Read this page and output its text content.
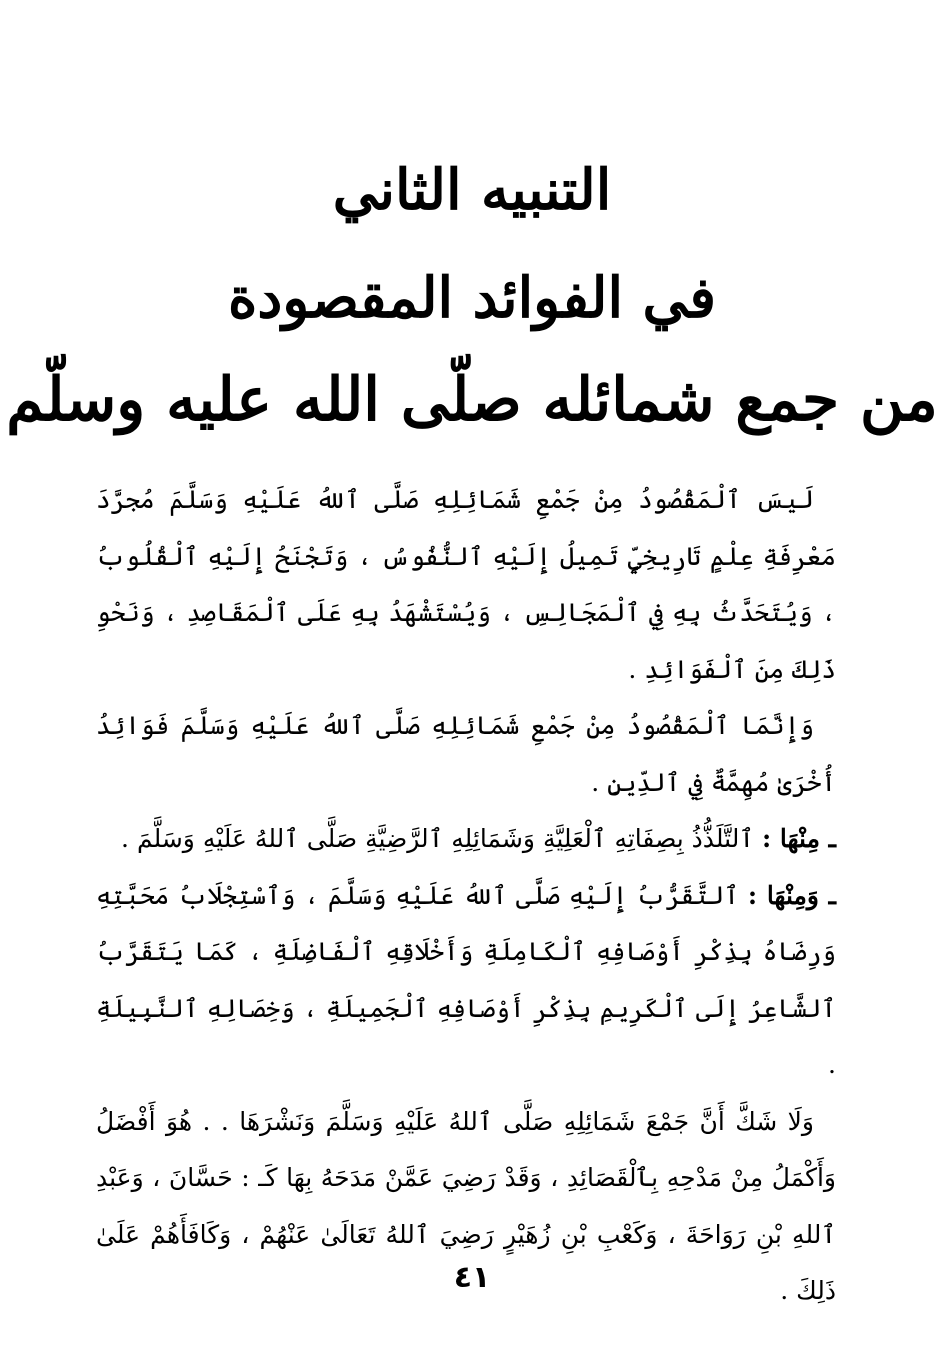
التنبيه الثاني
في الفوائد المقصودة
من جمع شمائله صلّى الله عليه وسلّم

لَيسَ ٱلْمَقْصُودُ مِنْ جَمْعِ شَمَائِلِهِ صَلَّى ٱللهُ عَلَيْهِ وَسَلَّمَ مُجرَّدَ مَعْرِفَةِ عِلْمٍ تَارِيخِيٍّ تَمِيلُ إِلَيْهِ ٱلنُّفُوسُ ، وَتَجْنَحُ إِلَيْهِ ٱلْقُلُوبُ ، وَيُتَحَدَّثُ بِهِ فِي ٱلْمَجَالِسِ ، وَيُسْتَشْهَدُ بِهِ عَلَى ٱلْمَقَاصِدِ ، وَنَحْوِ ذَلِكَ مِنَ ٱلْفَوَائِدِ .

وَإِنَّمَا ٱلْمَقْصُودُ مِنْ جَمْعِ شَمَائِلِهِ صَلَّى ٱللهُ عَلَيْهِ وَسَلَّمَ فَوَائِدُ أُخْرَىٰ مُهِمَّةٌ فِي ٱلدِّينِ .

ـ مِنْهَا : ٱلتَّلَذُّذُ بِصِفَاتِهِ ٱلْعَلِيَّةِ وَشَمَائِلِهِ ٱلرَّضِيَّةِ صَلَّى ٱللهُ عَلَيْهِ وَسَلَّمَ .

ـ وَمِنْهَا : ٱلتَّقَرُّبُ إِلَيْهِ صَلَّى ٱللهُ عَلَيْهِ وَسَلَّمَ ، وَٱسْتِجْلَابُ مَحَبَّتِهِ وَرِضَاهُ بِذِكْرِ أَوْصَافِهِ ٱلْكَامِلَةِ وَأَخْلَاقِهِ ٱلْفَاضِلَةِ ، كَمَا يَتَقَرَّبُ ٱلشَّاعِرُ إِلَى ٱلْكَرِيمِ بِذِكْرِ أَوْصَافِهِ ٱلْجَمِيلَةِ ، وَخِصَالِهِ ٱلنَّبِيلَةِ .

وَلَا شَكَّ أَنَّ جَمْعَ شَمَائِلِهِ صَلَّى ٱللهُ عَلَيْهِ وَسَلَّمَ وَنَشْرَهَا . . هُوَ أَفْضَلُ وَأَكْمَلُ مِنْ مَدْحِهِ بِٱلْقَصَائِدِ ، وَقَدْ رَضِيَ عَمَّنْ مَدَحَهُ بِهَا كَـ : حَسَّانَ ، وَعَبْدِ ٱللهِ بْنِ رَوَاحَةَ ، وَكَعْبِ بْنِ زُهَيْرٍ رَضِيَ ٱللهُ تَعَالَىٰ عَنْهُمْ ، وَكَافَأَهُمْ عَلَىٰ ذَلِكَ .

٤١
